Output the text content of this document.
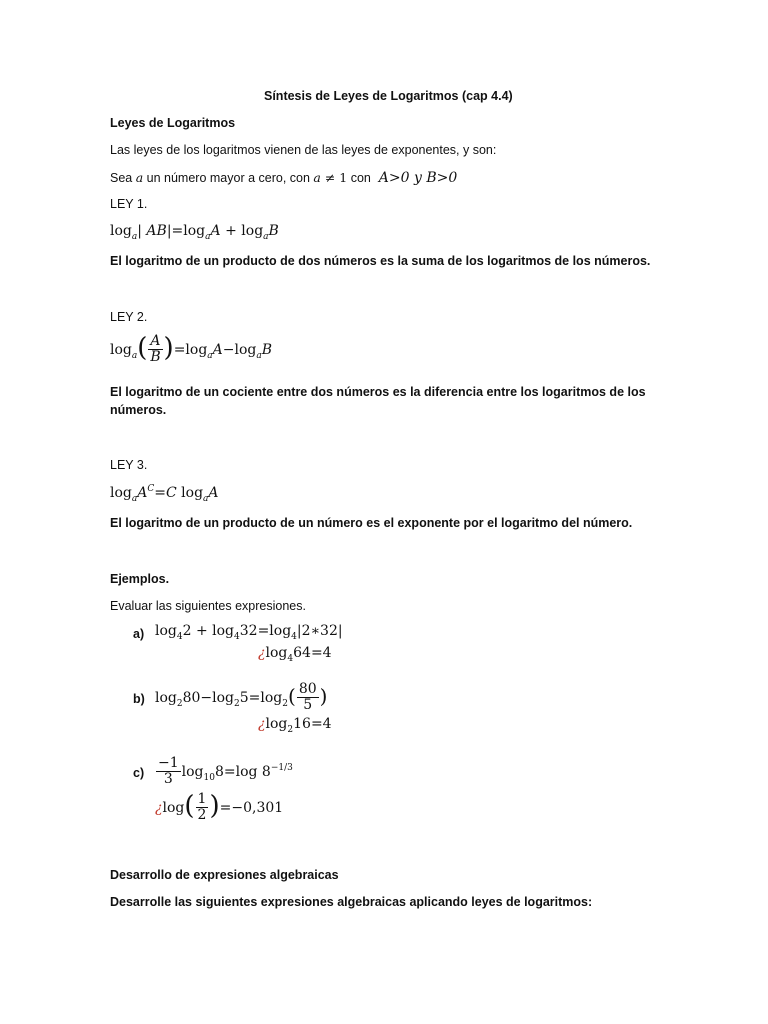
Síntesis de Leyes de Logaritmos (cap 4.4)
Leyes de Logaritmos
Las leyes de los logaritmos vienen de las leyes de exponentes, y son:
Sea a un número mayor a cero, con a ≠ 1 con  A>0 y B>0
LEY 1.
$\log_a|$ $AB|=\log_aA + \log_aB$
El logaritmo de un producto de dos números es la suma de los logaritmos de los números.
LEY 2.
$\log_a( \frac{A}{B} )=\log_aA-\log_aB$
El logaritmo de un cociente entre dos números es la diferencia entre los logaritmos de los
números.
LEY 3.
$\log_aA^C=C$ $\log_aA$
El logaritmo de un producto de un número es el exponente por el logaritmo del número.
Ejemplos.
Evaluar las siguientes expresiones.
a) $\log_42$ + $\log_432=\log_4|2∗32|$
¿$\log_464=4$
b) $\log_280-\log_25=\log_2( \frac{80}{5}$ )
¿$\log_216=4$
$c) \frac{-1}{3} \log_{10}8=\log$ $8^{-1/3}$
¿$\log( \frac{1}{2} )=-0,301$
Desarrollo de expresiones algebraicas
Desarrolle las siguientes expresiones algebraicas aplicando leyes de logaritmos:
